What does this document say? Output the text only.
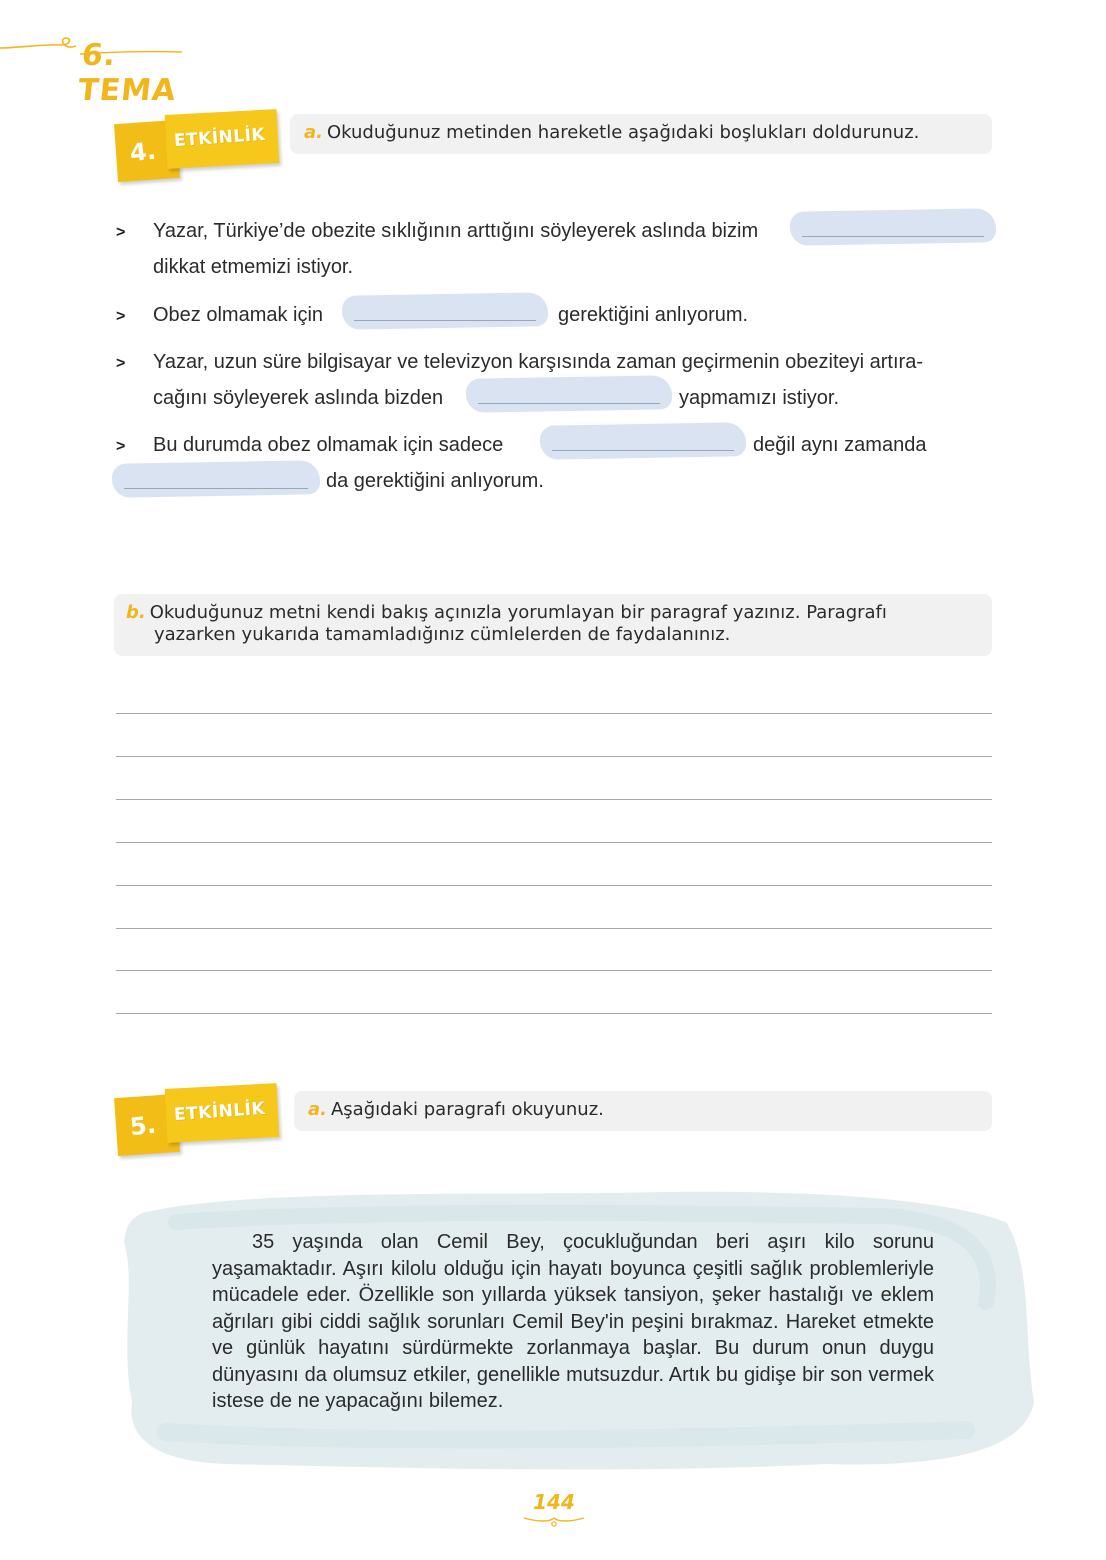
6. TEMA
4. ETKİNLİK	a. Okuduğunuz metinden hareketle aşağıdaki boşlukları doldurunuz.
> Yazar, Türkiye’de obezite sıklığının arttığını söyleyerek aslında bizim
dikkat etmemizi istiyor.
> Obez olmamak için	gerektiğini anlıyorum.
> Yazar, uzun süre bilgisayar ve televizyon karşısında zaman geçirmenin obeziteyi artıra-
cağını söyleyerek aslında bizden	yapmamızı istiyor.
> Bu durumda obez olmamak için sadece	değil aynı zamanda
da gerektiğini anlıyorum.
b. Okuduğunuz metni kendi bakış açınızla yorumlayan bir paragraf yazınız. Paragrafı
yazarken yukarıda tamamladığınız cümlelerden de faydalanınız.
5. ETKİNLİK	a. Aşağıdaki paragrafı okuyunuz.

35 yaşında olan Cemil Bey, çocukluğundan beri aşırı kilo sorunu yaşamaktadır. Aşırı kilolu olduğu için hayatı boyunca çeşitli sağlık problemleriyle mücadele eder. Özellikle son yıllarda yüksek tansiyon, şeker hastalığı ve eklem ağrıları gibi ciddi sağlık sorunları Cemil Bey'in peşini bırakmaz. Hareket etmekte ve günlük hayatını sürdürmekte zorlanmaya başlar. Bu durum onun duygu dünyasını da olumsuz etkiler, genellikle mutsuzdur. Artık bu gidişe bir son vermek istese de ne yapacağını bilemez.

144
